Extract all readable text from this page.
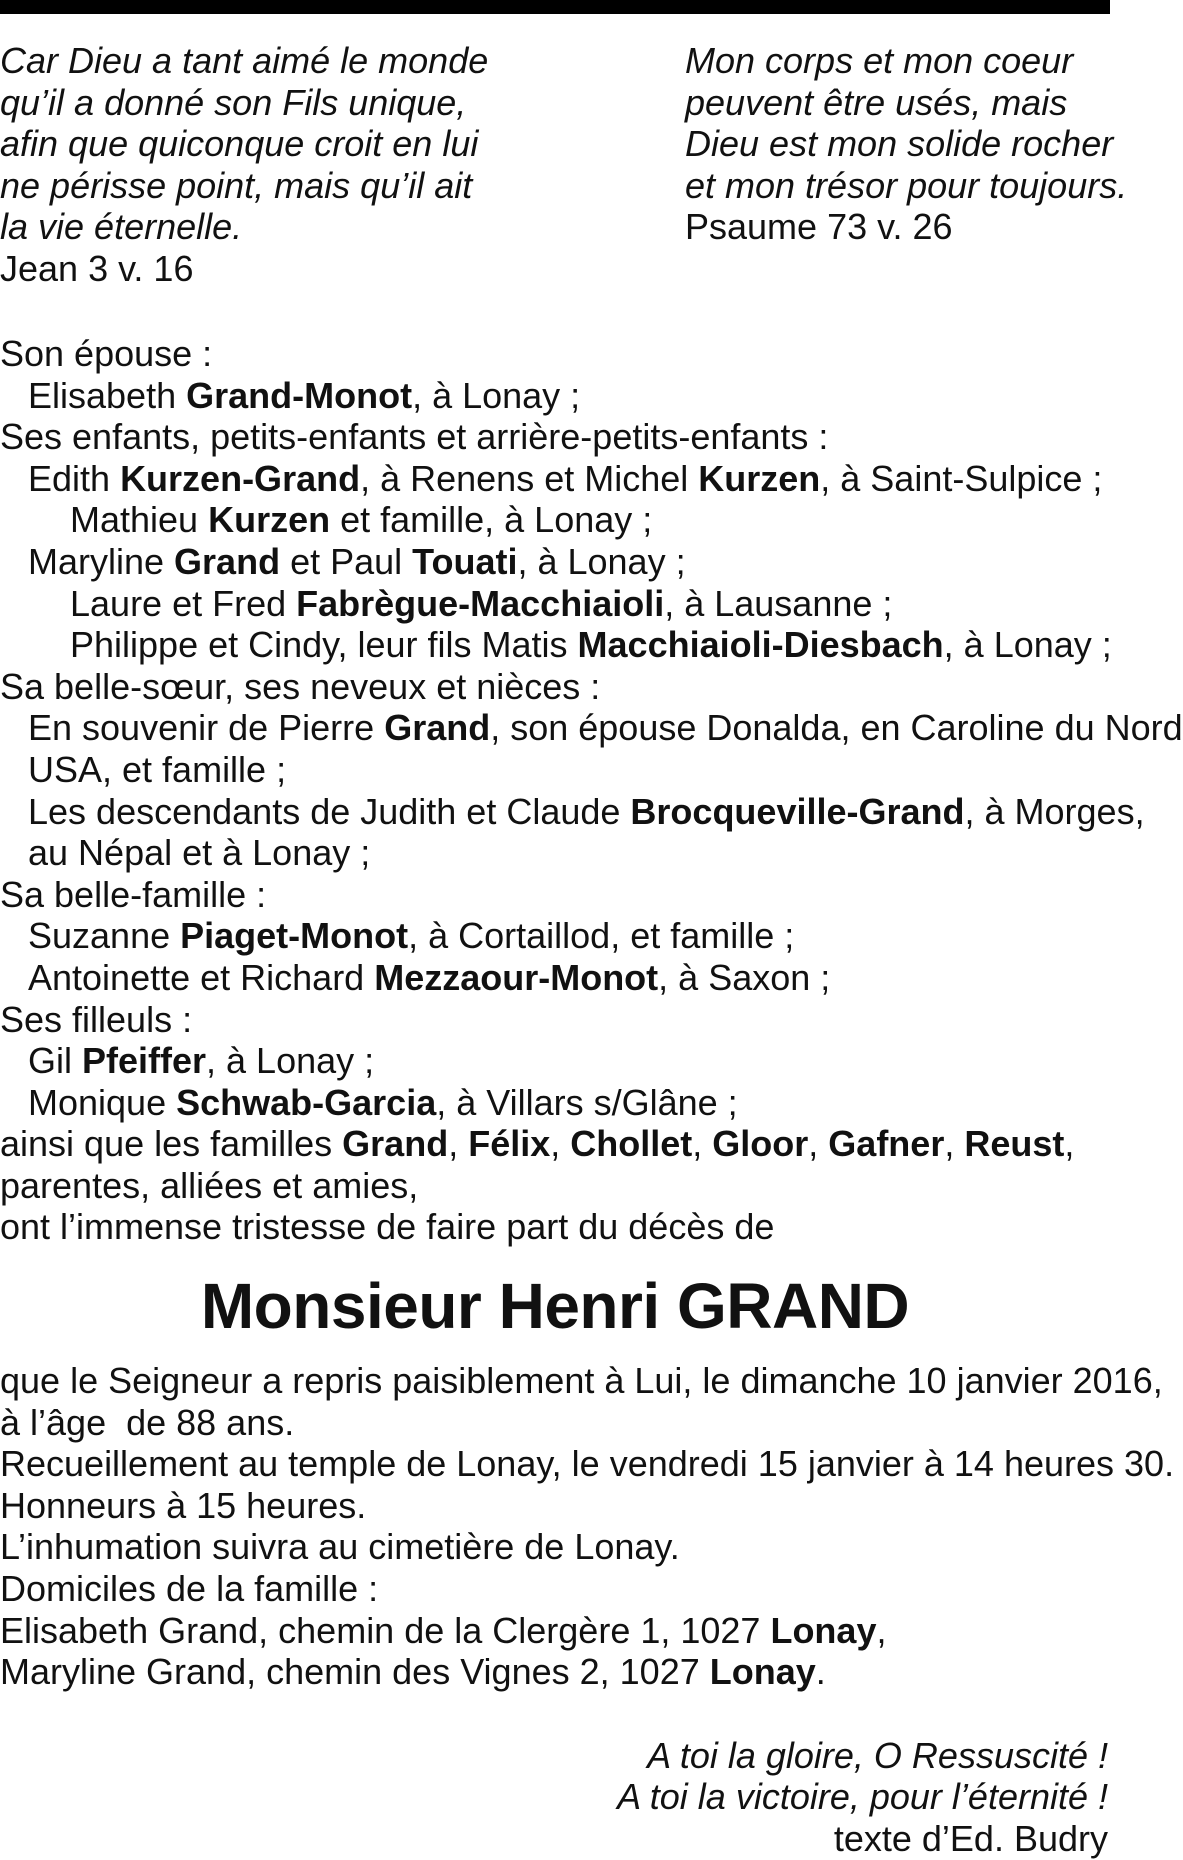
Car Dieu a tant aimé le monde
qu’il a donné son Fils unique,
afin que quiconque croit en lui
ne périsse point, mais qu’il ait
la vie éternelle.
Jean 3 v. 16
Mon corps et mon coeur
peuvent être usés, mais
Dieu est mon solide rocher
et mon trésor pour toujours.
Psaume 73 v. 26
Son épouse :
Elisabeth Grand-Monot, à Lonay ;
Ses enfants, petits-enfants et arrière-petits-enfants :
Edith Kurzen-Grand, à Renens et Michel Kurzen, à Saint-Sulpice ;
Mathieu Kurzen et famille, à Lonay ;
Maryline Grand et Paul Touati, à Lonay ;
Laure et Fred Fabrègue-Macchiaioli, à Lausanne ;
Philippe et Cindy, leur fils Matis Macchiaioli-Diesbach, à Lonay ;
Sa belle-sœur, ses neveux et nièces :
En souvenir de Pierre Grand, son épouse Donalda, en Caroline du Nord
USA, et famille ;
Les descendants de Judith et Claude Brocqueville-Grand, à Morges,
au Népal et à Lonay ;
Sa belle-famille :
Suzanne Piaget-Monot, à Cortaillod, et famille ;
Antoinette et Richard Mezzaour-Monot, à Saxon ;
Ses filleuls :
Gil Pfeiffer, à Lonay ;
Monique Schwab-Garcia, à Villars s/Glâne ;
ainsi que les familles Grand, Félix, Chollet, Gloor, Gafner, Reust,
parentes, alliées et amies,
ont l’immense tristesse de faire part du décès de
Monsieur Henri GRAND
que le Seigneur a repris paisiblement à Lui, le dimanche 10 janvier 2016,
à l’âge  de 88 ans.
Recueillement au temple de Lonay, le vendredi 15 janvier à 14 heures 30.
Honneurs à 15 heures.
L’inhumation suivra au cimetière de Lonay.
Domiciles de la famille :
Elisabeth Grand, chemin de la Clergère 1, 1027 Lonay,
Maryline Grand, chemin des Vignes 2, 1027 Lonay.
A toi la gloire, O Ressuscité !
A toi la victoire, pour l’éternité !
texte d’Ed. Budry
